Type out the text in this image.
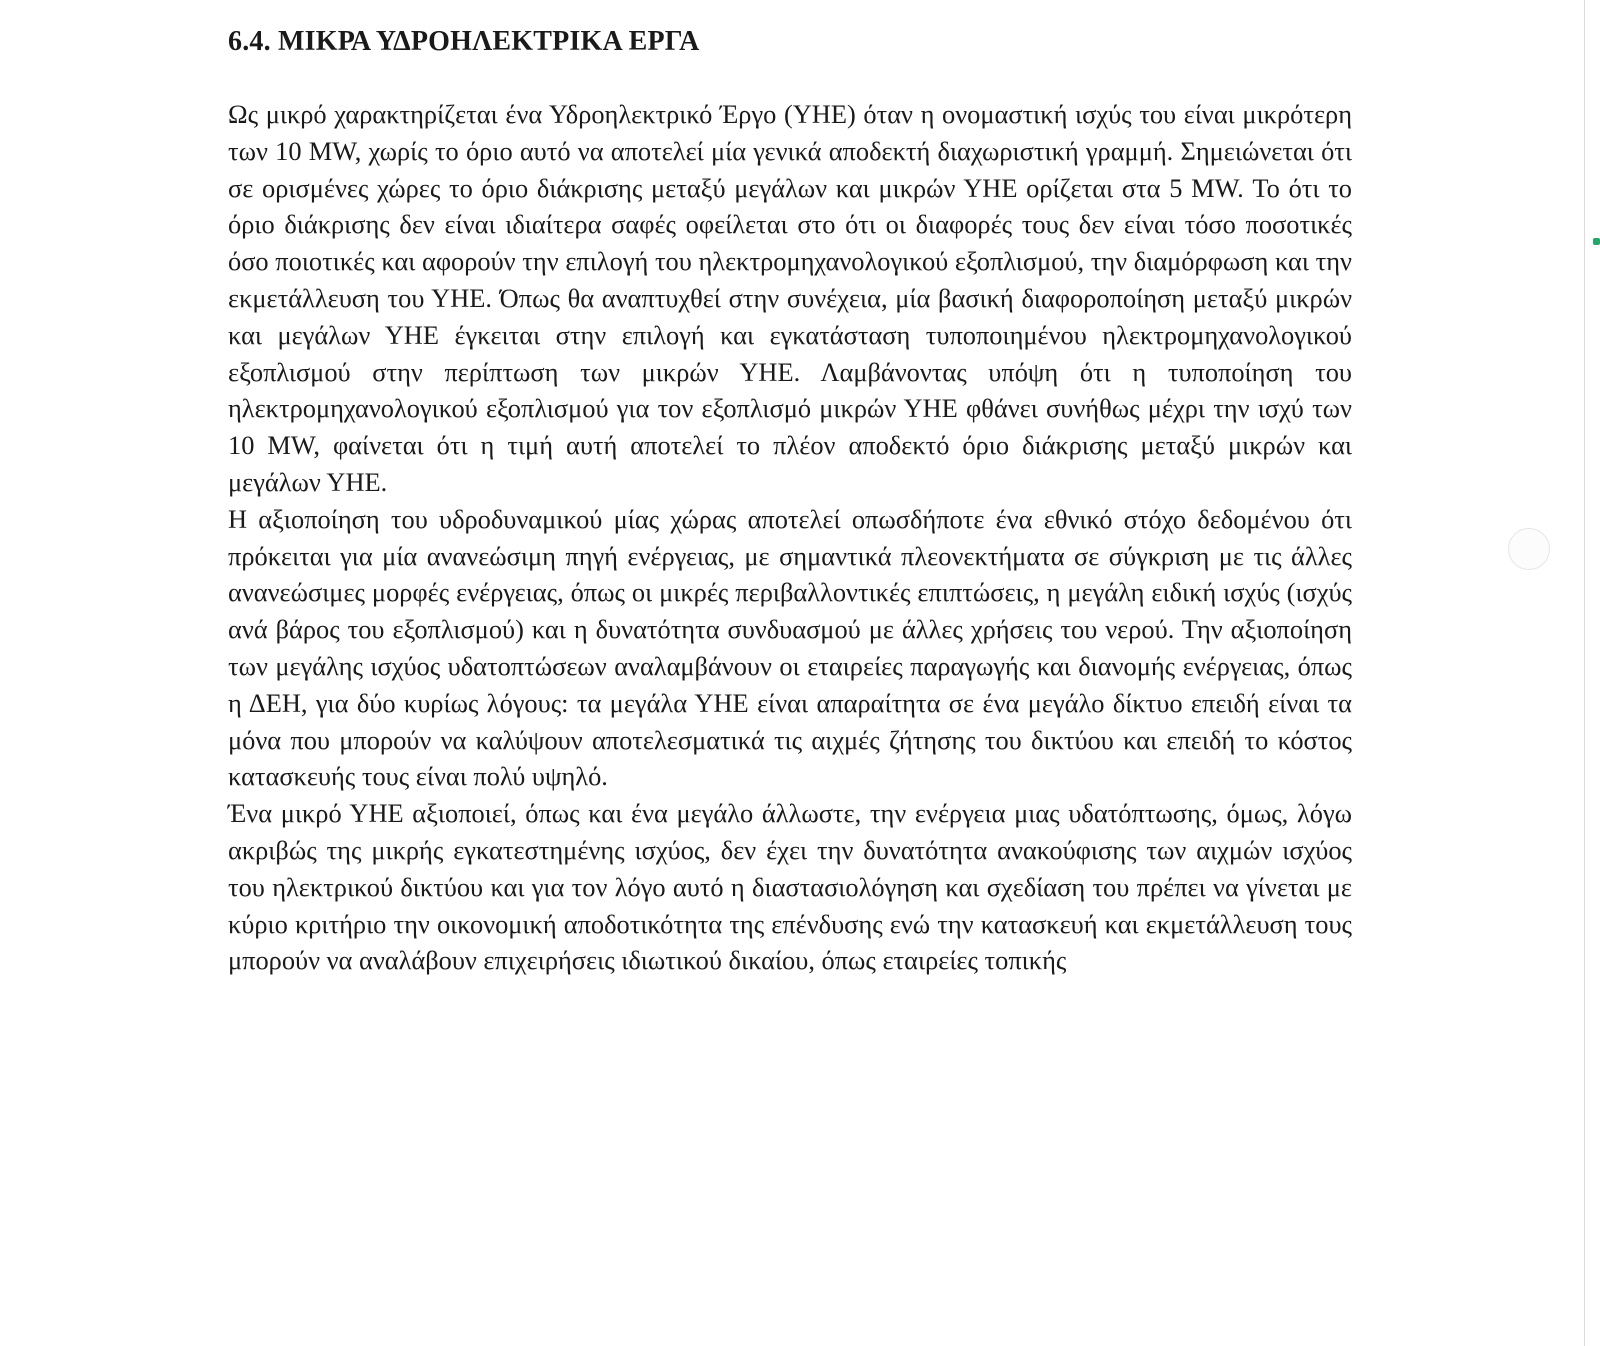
6.4. ΜΙΚΡΑ ΥΔΡΟΗΛΕΚΤΡΙΚΑ ΕΡΓΑ

Ως μικρό χαρακτηρίζεται ένα Υδροηλεκτρικό Έργο (ΥΗΕ) όταν η ονομαστική ισχύς του είναι μικρότερη των 10 MW, χωρίς το όριο αυτό να αποτελεί μία γενικά αποδεκτή διαχωριστική γραμμή. Σημειώνεται ότι σε ορισμένες χώρες το όριο διάκρισης μεταξύ μεγάλων και μικρών ΥΗΕ ορίζεται στα 5 MW. Το ότι το όριο διάκρισης δεν είναι ιδιαίτερα σαφές οφείλεται στο ότι οι διαφορές τους δεν είναι τόσο ποσοτικές όσο ποιοτικές και αφορούν την επιλογή του ηλεκτρομηχανολογικού εξοπλισμού, την διαμόρφωση και την εκμετάλλευση του ΥΗΕ. Όπως θα αναπτυχθεί στην συνέχεια, μία βασική διαφοροποίηση μεταξύ μικρών και μεγάλων ΥΗΕ έγκειται στην επιλογή και εγκατάσταση τυποποιημένου ηλεκτρομηχανολογικού εξοπλισμού στην περίπτωση των μικρών ΥΗΕ. Λαμβάνοντας υπόψη ότι η τυποποίηση του ηλεκτρομηχανολογικού εξοπλισμού για τον εξοπλισμό μικρών ΥΗΕ φθάνει συνήθως μέχρι την ισχύ των 10 MW, φαίνεται ότι η τιμή αυτή αποτελεί το πλέον αποδεκτό όριο διάκρισης μεταξύ μικρών και μεγάλων ΥΗΕ.

Η αξιοποίηση του υδροδυναμικού μίας χώρας αποτελεί οπωσδήποτε ένα εθνικό στόχο δεδομένου ότι πρόκειται για μία ανανεώσιμη πηγή ενέργειας, με σημαντικά πλεονεκτήματα σε σύγκριση με τις άλλες ανανεώσιμες μορφές ενέργειας, όπως οι μικρές περιβαλλοντικές επιπτώσεις, η μεγάλη ειδική ισχύς (ισχύς ανά βάρος του εξοπλισμού) και η δυνατότητα συνδυασμού με άλλες χρήσεις του νερού. Την αξιοποίηση των μεγάλης ισχύος υδατοπτώσεων αναλαμβάνουν οι εταιρείες παραγωγής και διανομής ενέργειας, όπως η ΔΕΗ, για δύο κυρίως λόγους: τα μεγάλα ΥΗΕ είναι απαραίτητα σε ένα μεγάλο δίκτυο επειδή είναι τα μόνα που μπορούν να καλύψουν αποτελεσματικά τις αιχμές ζήτησης του δικτύου και επειδή το κόστος κατασκευής τους είναι πολύ υψηλό.

Ένα μικρό ΥΗΕ αξιοποιεί, όπως και ένα μεγάλο άλλωστε, την ενέργεια μιας υδατόπτωσης, όμως, λόγω ακριβώς της μικρής εγκατεστημένης ισχύος, δεν έχει την δυνατότητα ανακούφισης των αιχμών ισχύος του ηλεκτρικού δικτύου και για τον λόγο αυτό η διαστασιολόγηση και σχεδίαση του πρέπει να γίνεται με κύριο κριτήριο την οικονομική αποδοτικότητα της επένδυσης ενώ την κατασκευή και εκμετάλλευση τους μπορούν να αναλάβουν επιχειρήσεις ιδιωτικού δικαίου, όπως εταιρείες τοπικής
